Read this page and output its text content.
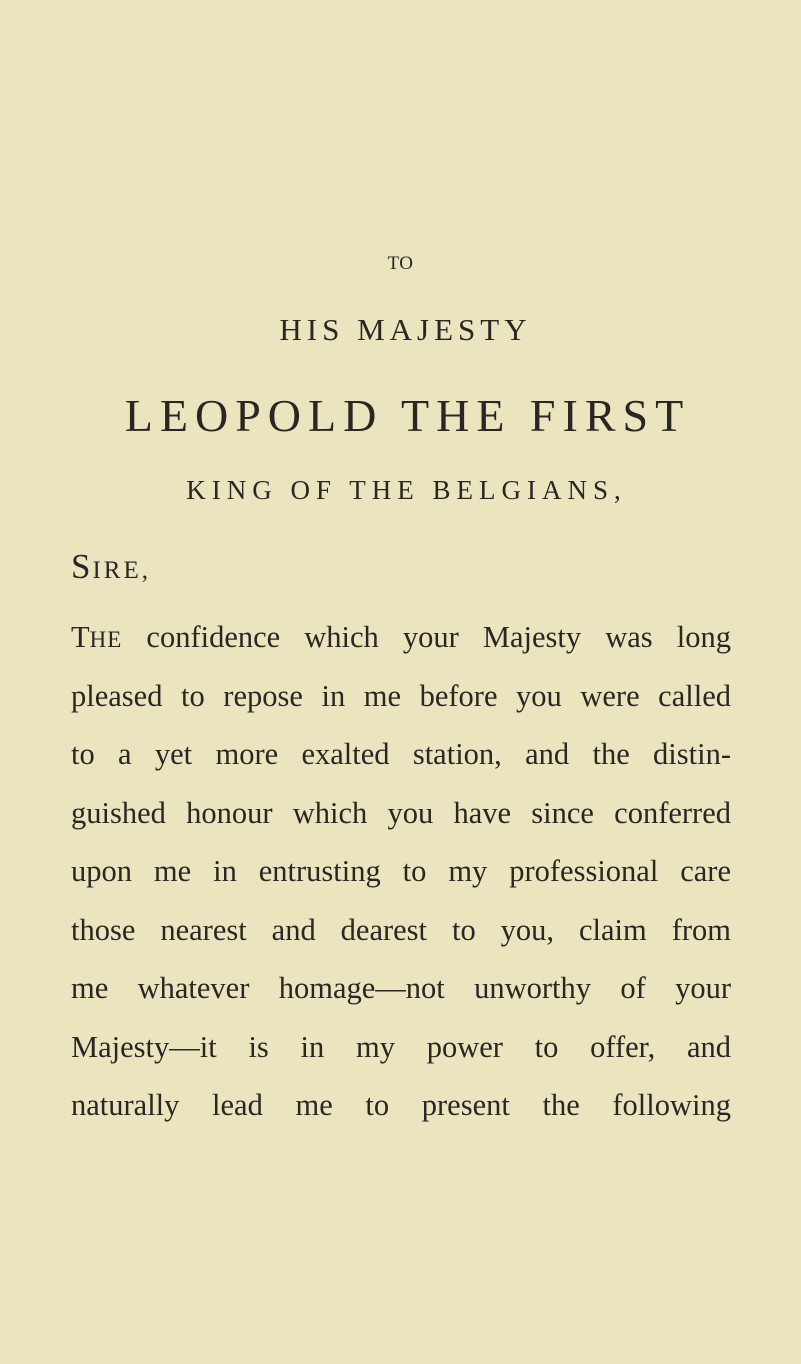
TO
HIS MAJESTY
LEOPOLD THE FIRST
KING OF THE BELGIANS,
SIRE,
THE confidence which your Majesty was long
pleased to repose in me before you were called
to a yet more exalted station, and the distin-
guished honour which you have since conferred
upon me in entrusting to my professional care
those nearest and dearest to you, claim from
me whatever homage—not unworthy of your
Majesty—it is in my power to offer, and
naturally lead me to present the following
